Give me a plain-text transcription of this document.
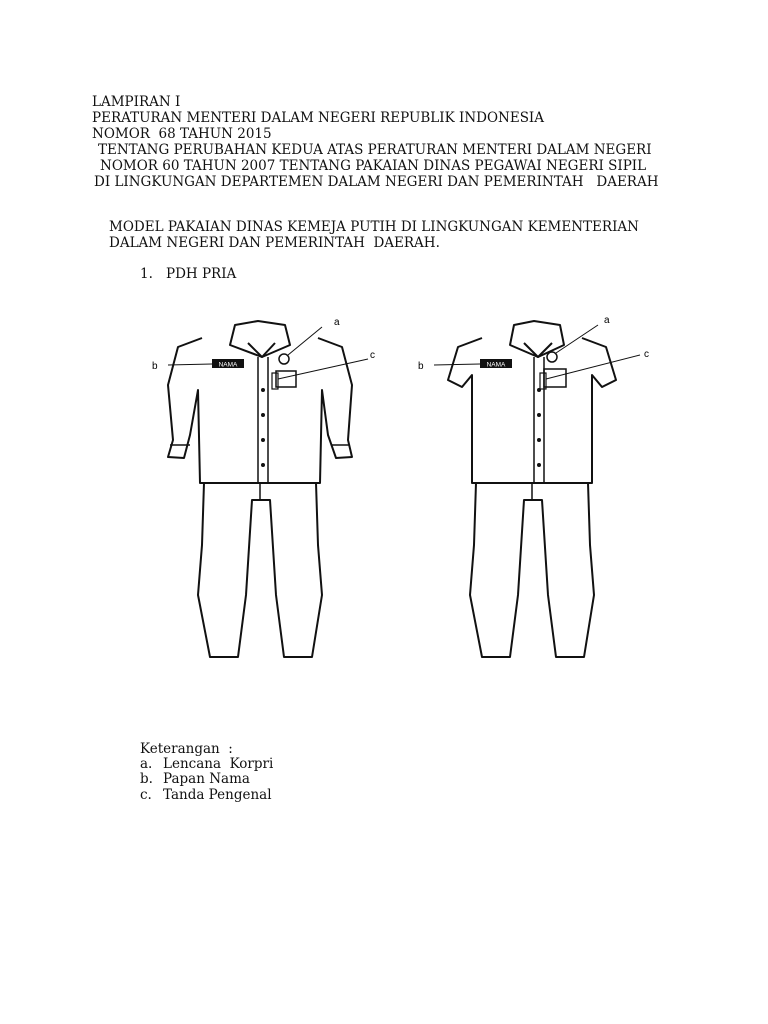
LAMPIRAN I
PERATURAN MENTERI DALAM NEGERI REPUBLIK INDONESIA
NOMOR  68 TAHUN 2015
TENTANG PERUBAHAN KEDUA ATAS PERATURAN MENTERI DALAM NEGERI
NOMOR 60 TAHUN 2007 TENTANG PAKAIAN DINAS PEGAWAI NEGERI SIPIL
DI LINGKUNGAN DEPARTEMEN DALAM NEGERI DAN PEMERINTAH   DAERAH
MODEL PAKAIAN DINAS KEMEJA PUTIH DI LINGKUNGAN KEMENTERIAN
DALAM NEGERI DAN PEMERINTAH  DAERAH.
1. PDH PRIA
NAMA
a
c
b	NAMA
a
c
b
Keterangan  :
a. Lencana  Korpri
b. Papan Nama
c. Tanda Pengenal
